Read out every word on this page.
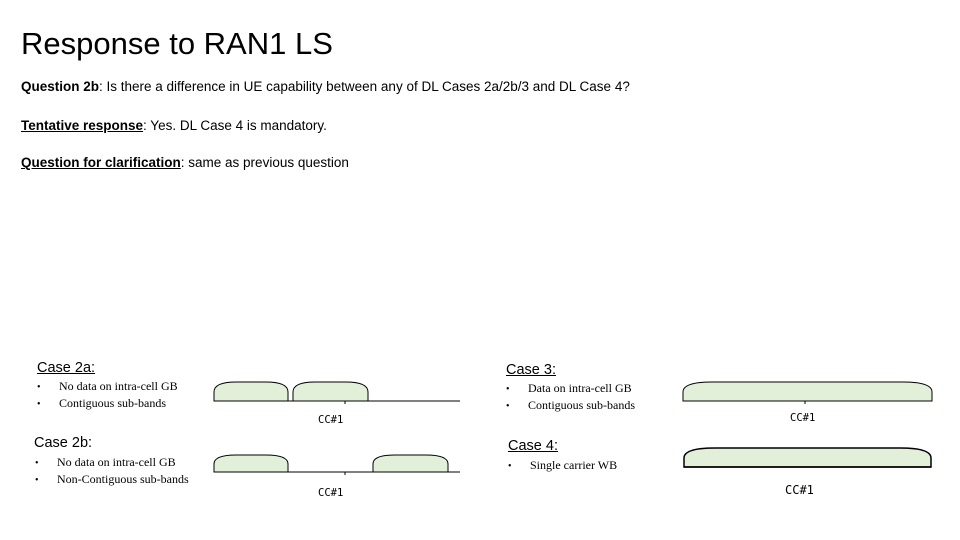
Response to RAN1 LS
Question 2b: Is there a difference in UE capability between any of DL Cases 2a/2b/3 and DL Case 4?
Tentative response: Yes. DL Case 4 is mandatory.
Question for clarification: same as previous question
Case 2a:
• No data on intra-cell GB
• Contiguous sub-bands
CC#1
Case 2b:
• No data on intra-cell GB
• Non-Contiguous sub-bands
CC#1
Case 3:
• Data on intra-cell GB
• Contiguous sub-bands
CC#1
Case 4:
• Single carrier WB
CC#1
